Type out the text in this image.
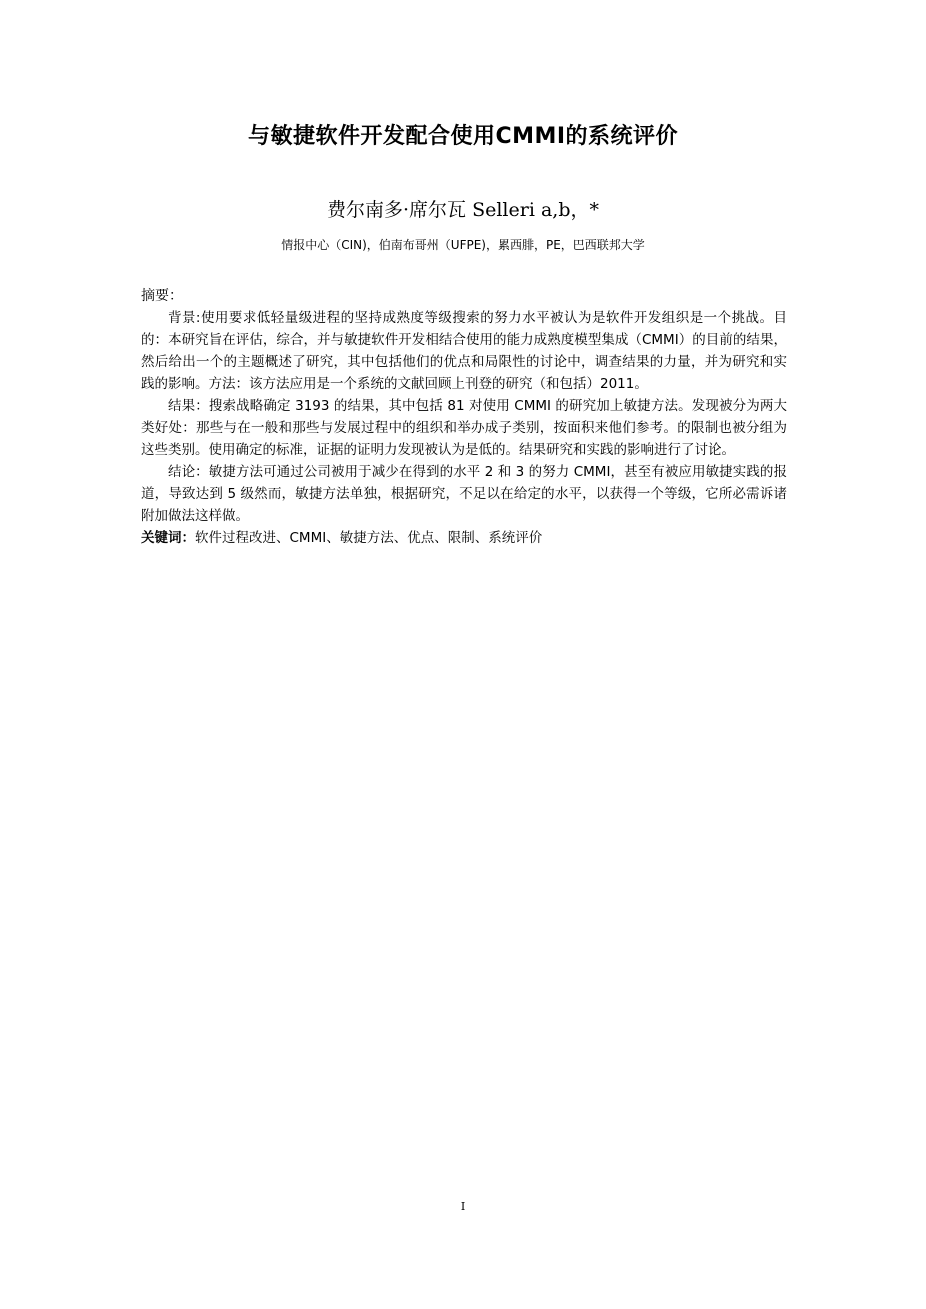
与敏捷软件开发配合使用CMMI的系统评价
费尔南多·席尔瓦 Selleri a,b，*
情报中心（CIN)，伯南布哥州（UFPE)，累西腓，PE，巴西联邦大学
摘要：

背景:使用要求低轻量级进程的坚持成熟度等级搜索的努力水平被认为是软件开发组织是一个挑战。目的：本研究旨在评估，综合，并与敏捷软件开发相结合使用的能力成熟度模型集成（CMMI）的目前的结果，然后给出一个的主题概述了研究，其中包括他们的优点和局限性的讨论中，调查结果的力量，并为研究和实践的影响。方法：该方法应用是一个系统的文献回顾上刊登的研究（和包括）2011。

结果：搜索战略确定 3193 的结果，其中包括 81 对使用 CMMI 的研究加上敏捷方法。发现被分为两大类好处：那些与在一般和那些与发展过程中的组织和举办成子类别，按面积来他们参考。的限制也被分组为这些类别。使用确定的标准，证据的证明力发现被认为是低的。结果研究和实践的影响进行了讨论。

结论：敏捷方法可通过公司被用于减少在得到的水平 2 和 3 的努力 CMMI，甚至有被应用敏捷实践的报道，导致达到 5 级然而，敏捷方法单独，根据研究，不足以在给定的水平，以获得一个等级，它所必需诉诸附加做法这样做。

关键词：软件过程改进、CMMI、敏捷方法、优点、限制、系统评价
I
